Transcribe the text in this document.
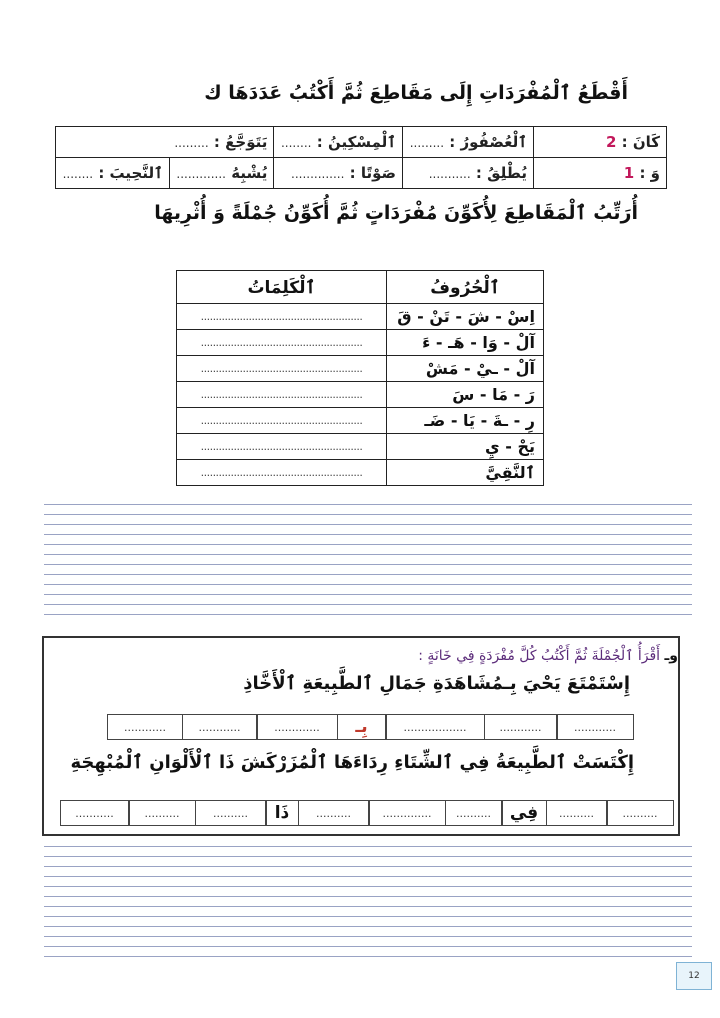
أَقْطَعُ ٱلْمُفْرَدَاتِ إِلَى مَقَاطِعَ ثُمَّ أَكْتُبُ عَدَدَهَا ك
كَانَ : 2	ٱلْعُصْفُورُ : .........	ٱلْمِسْكِينُ : ........	يَتَوَجَّعُ : .........	
وَ : 1	يُطْلِقُ : ...........	صَوْتًا : ..............	يُشْبِهُ .............	ٱلنَّحِيبَ : ........
أُرَتِّبُ ٱلْمَقَاطِعَ لِأُكَوِّنَ مُفْرَدَاتٍ ثُمَّ أُكَوِّنُ جُمْلَةً وَ أُثْرِيهَا
ٱلْحُرُوفُ	ٱلْكَلِمَاتُ
اِسْ - شَ - تَنْ - قَ	......................................................
آلْ - وَا - هَـ - ءَ	......................................................
آلْ - ـيْ - مَشْ	......................................................
رَ - مَا - سَ	......................................................
رِ - ـةَ - يَا - ضَـ	......................................................
يَحْ - يِ	......................................................
ٱلنَّقِيَّ	......................................................
وـ أَقْرَأُ ٱلْجُمْلَةَ ثُمَّ أَكْتُبُ كُلَّ مُفْرَدَةٍ فِي خَانَةٍ :
إِسْتَمْتَعَ يَحْيَ بِـمُشَاهَدَةِ جَمَالِ ٱلطَّبِيعَةِ ٱلْأَخَّاذِ
............
............
..................
بِـ
.............
............
............
إِكْتَسَتْ ٱلطَّبِيعَةُ فِي ٱلشِّتَاءِ رِدَاءَهَا ٱلْمُزَرْكَشَ ذَا ٱلْأَلْوَانِ ٱلْمُبْهِجَةِ
..........
..........
فِي
..........
..............
..........
ذَا
..........
..........
...........
12
